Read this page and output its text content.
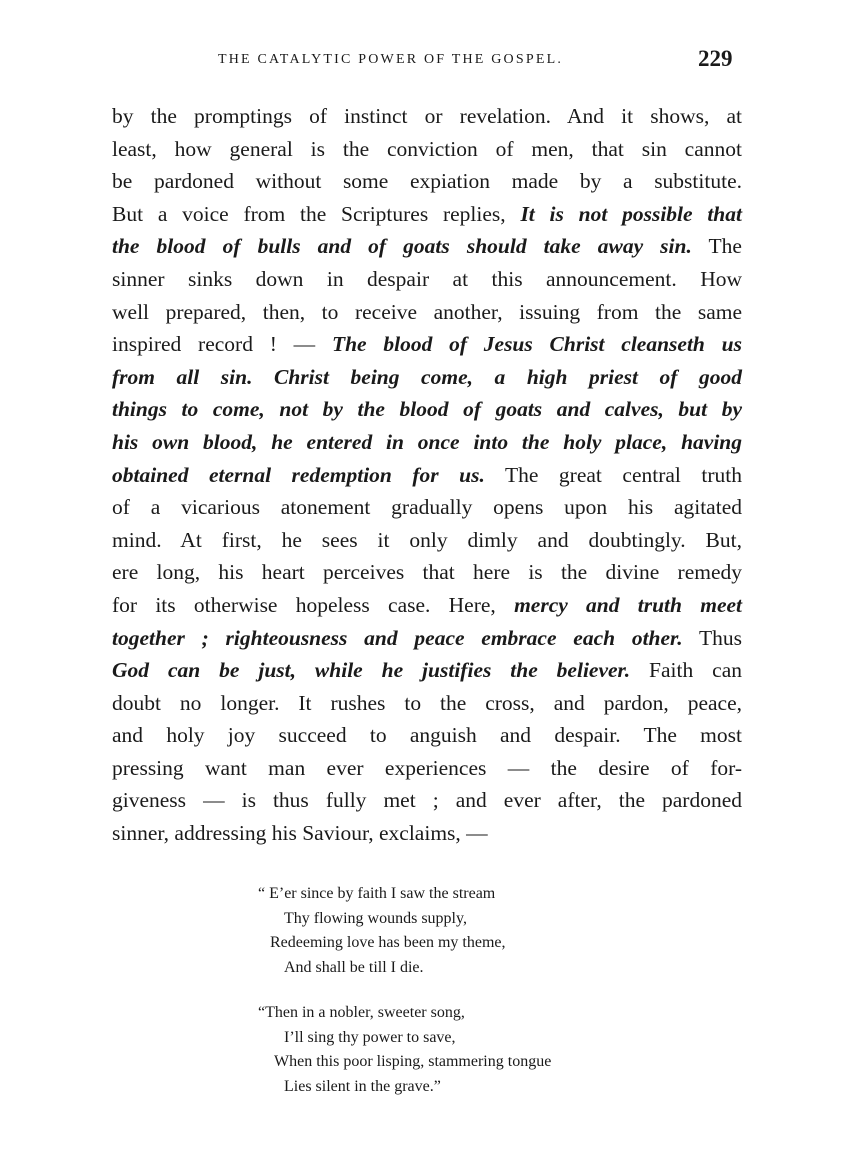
THE CATALYTIC POWER OF THE GOSPEL.	229
by the promptings of instinct or revelation. And it shows, at
least, how general is the conviction of men, that sin cannot
be pardoned without some expiation made by a substitute.
But a voice from the Scriptures replies, It is not possible that
the blood of bulls and of goats should take away sin. The
sinner sinks down in despair at this announcement. How
well prepared, then, to receive another, issuing from the same
inspired record ! — The blood of Jesus Christ cleanseth us
from all sin. Christ being come, a high priest of good
things to come, not by the blood of goats and calves, but by
his own blood, he entered in once into the holy place, having
obtained eternal redemption for us. The great central truth
of a vicarious atonement gradually opens upon his agitated
mind. At first, he sees it only dimly and doubtingly. But,
ere long, his heart perceives that here is the divine remedy
for its otherwise hopeless case. Here, mercy and truth meet
together ; righteousness and peace embrace each other. Thus
God can be just, while he justifies the believer. Faith can
doubt no longer. It rushes to the cross, and pardon, peace,
and holy joy succeed to anguish and despair. The most
pressing want man ever experiences — the desire of for-
giveness — is thus fully met ; and ever after, the pardoned
sinner, addressing his Saviour, exclaims, —
“ E’er since by faith I saw the stream
Thy flowing wounds supply,
Redeeming love has been my theme,
And shall be till I die.
“Then in a nobler, sweeter song,
I’ll sing thy power to save,
When this poor lisping, stammering tongue
Lies silent in the grave.”
